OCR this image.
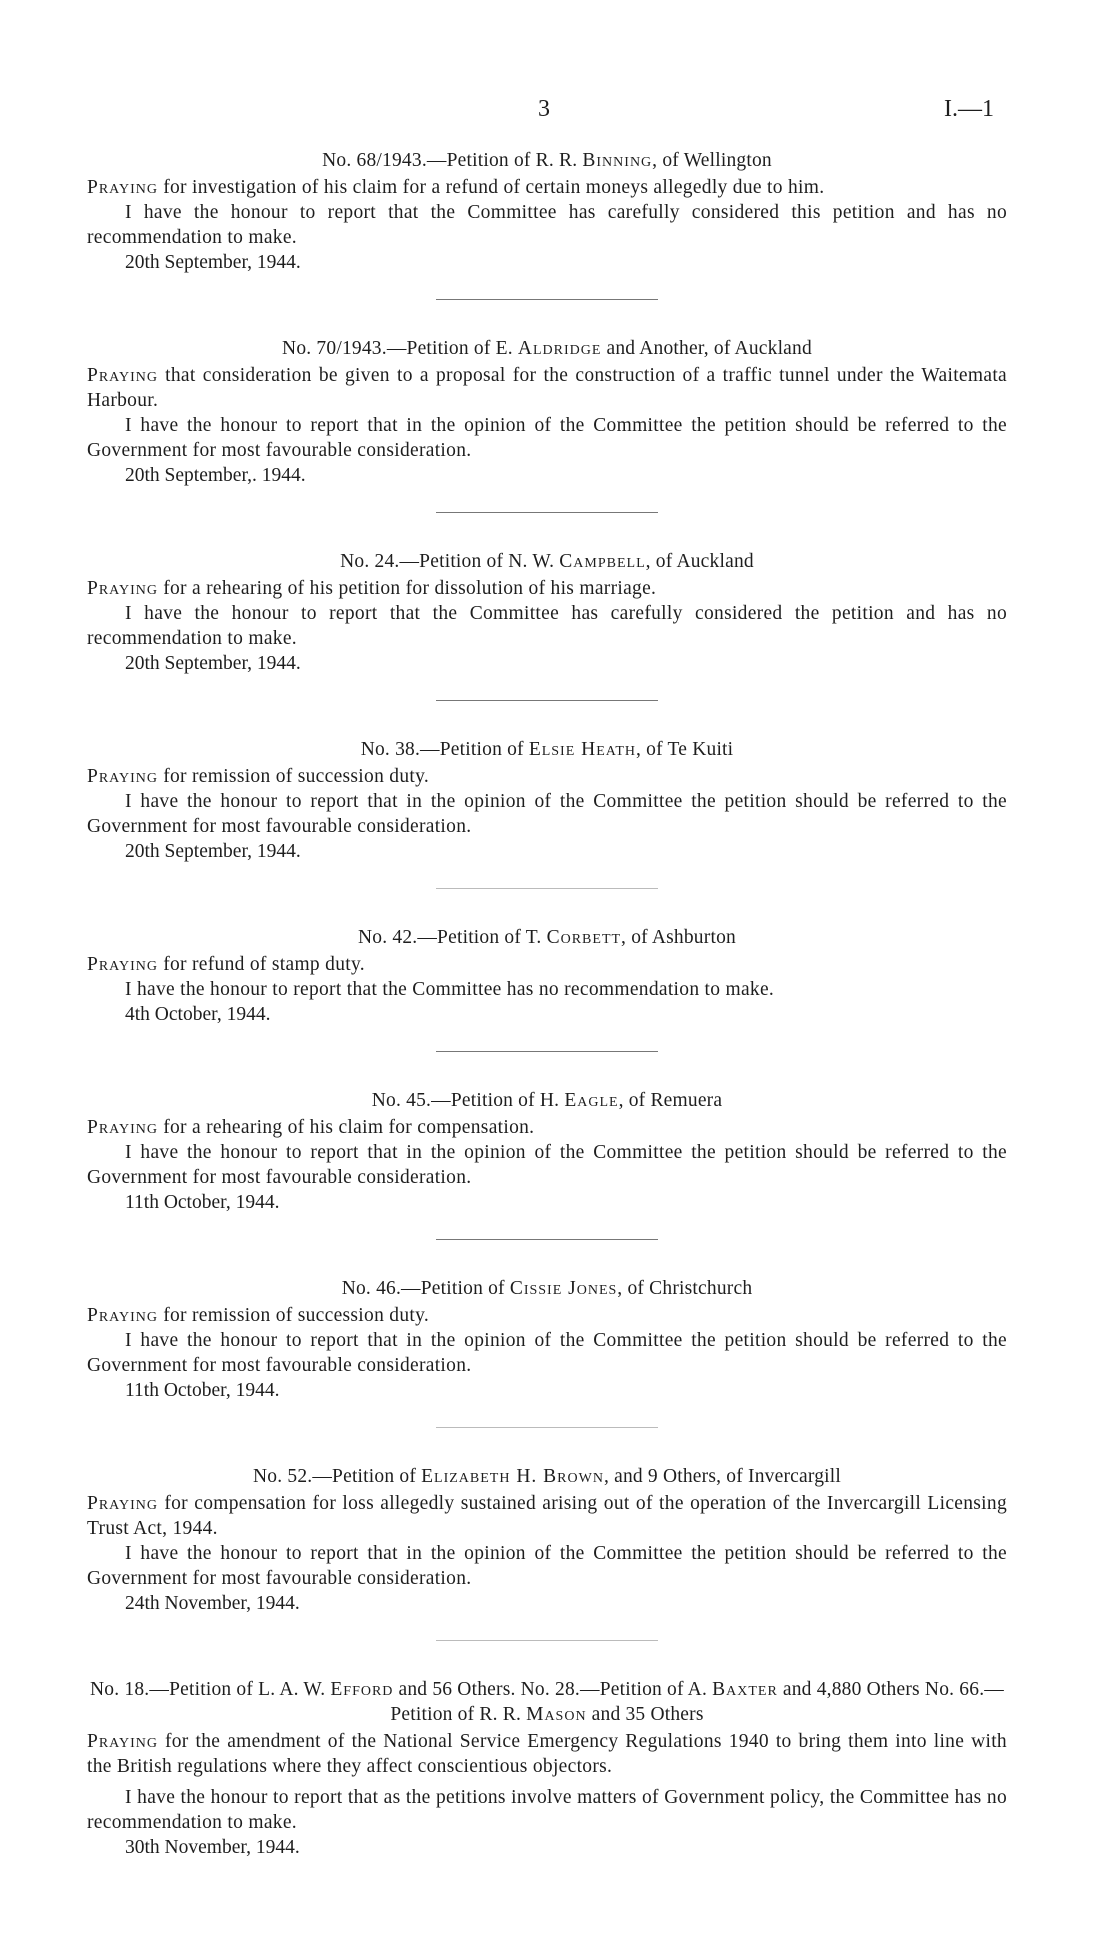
3	I.—1

No. 68/1943.—Petition of R. R. Binning, of Wellington

Praying for investigation of his claim for a refund of certain moneys allegedly due to him.

I have the honour to report that the Committee has carefully considered this petition and has no recommendation to make.

20th September, 1944.

No. 70/1943.—Petition of E. Aldridge and Another, of Auckland

Praying that consideration be given to a proposal for the construction of a traffic tunnel under the Waitemata Harbour.

I have the honour to report that in the opinion of the Committee the petition should be referred to the Government for most favourable consideration.

20th September,. 1944.

No. 24.—Petition of N. W. Campbell, of Auckland

Praying for a rehearing of his petition for dissolution of his marriage.

I have the honour to report that the Committee has carefully considered the petition and has no recommendation to make.

20th September, 1944.

No. 38.—Petition of Elsie Heath, of Te Kuiti

Praying for remission of succession duty.

I have the honour to report that in the opinion of the Committee the petition should be referred to the Government for most favourable consideration.

20th September, 1944.

No. 42.—Petition of T. Corbett, of Ashburton

Praying for refund of stamp duty.

I have the honour to report that the Committee has no recommendation to make.

4th October, 1944.

No. 45.—Petition of H. Eagle, of Remuera

Praying for a rehearing of his claim for compensation.

I have the honour to report that in the opinion of the Committee the petition should be referred to the Government for most favourable consideration.

11th October, 1944.

No. 46.—Petition of Cissie Jones, of Christchurch

Praying for remission of succession duty.

I have the honour to report that in the opinion of the Committee the petition should be referred to the Government for most favourable consideration.

11th October, 1944.

No. 52.—Petition of Elizabeth H. Brown, and 9 Others, of Invercargill

Praying for compensation for loss allegedly sustained arising out of the operation of the Invercargill Licensing Trust Act, 1944.

I have the honour to report that in the opinion of the Committee the petition should be referred to the Government for most favourable consideration.

24th November, 1944.

No. 18.—Petition of L. A. W. Efford and 56 Others. No. 28.—Petition of A. Baxter and 4,880 Others No. 66.—Petition of R. R. Mason and 35 Others

Praying for the amendment of the National Service Emergency Regulations 1940 to bring them into line with the British regulations where they affect conscientious objectors.

I have the honour to report that as the petitions involve matters of Government policy, the Committee has no recommendation to make.

30th November, 1944.
